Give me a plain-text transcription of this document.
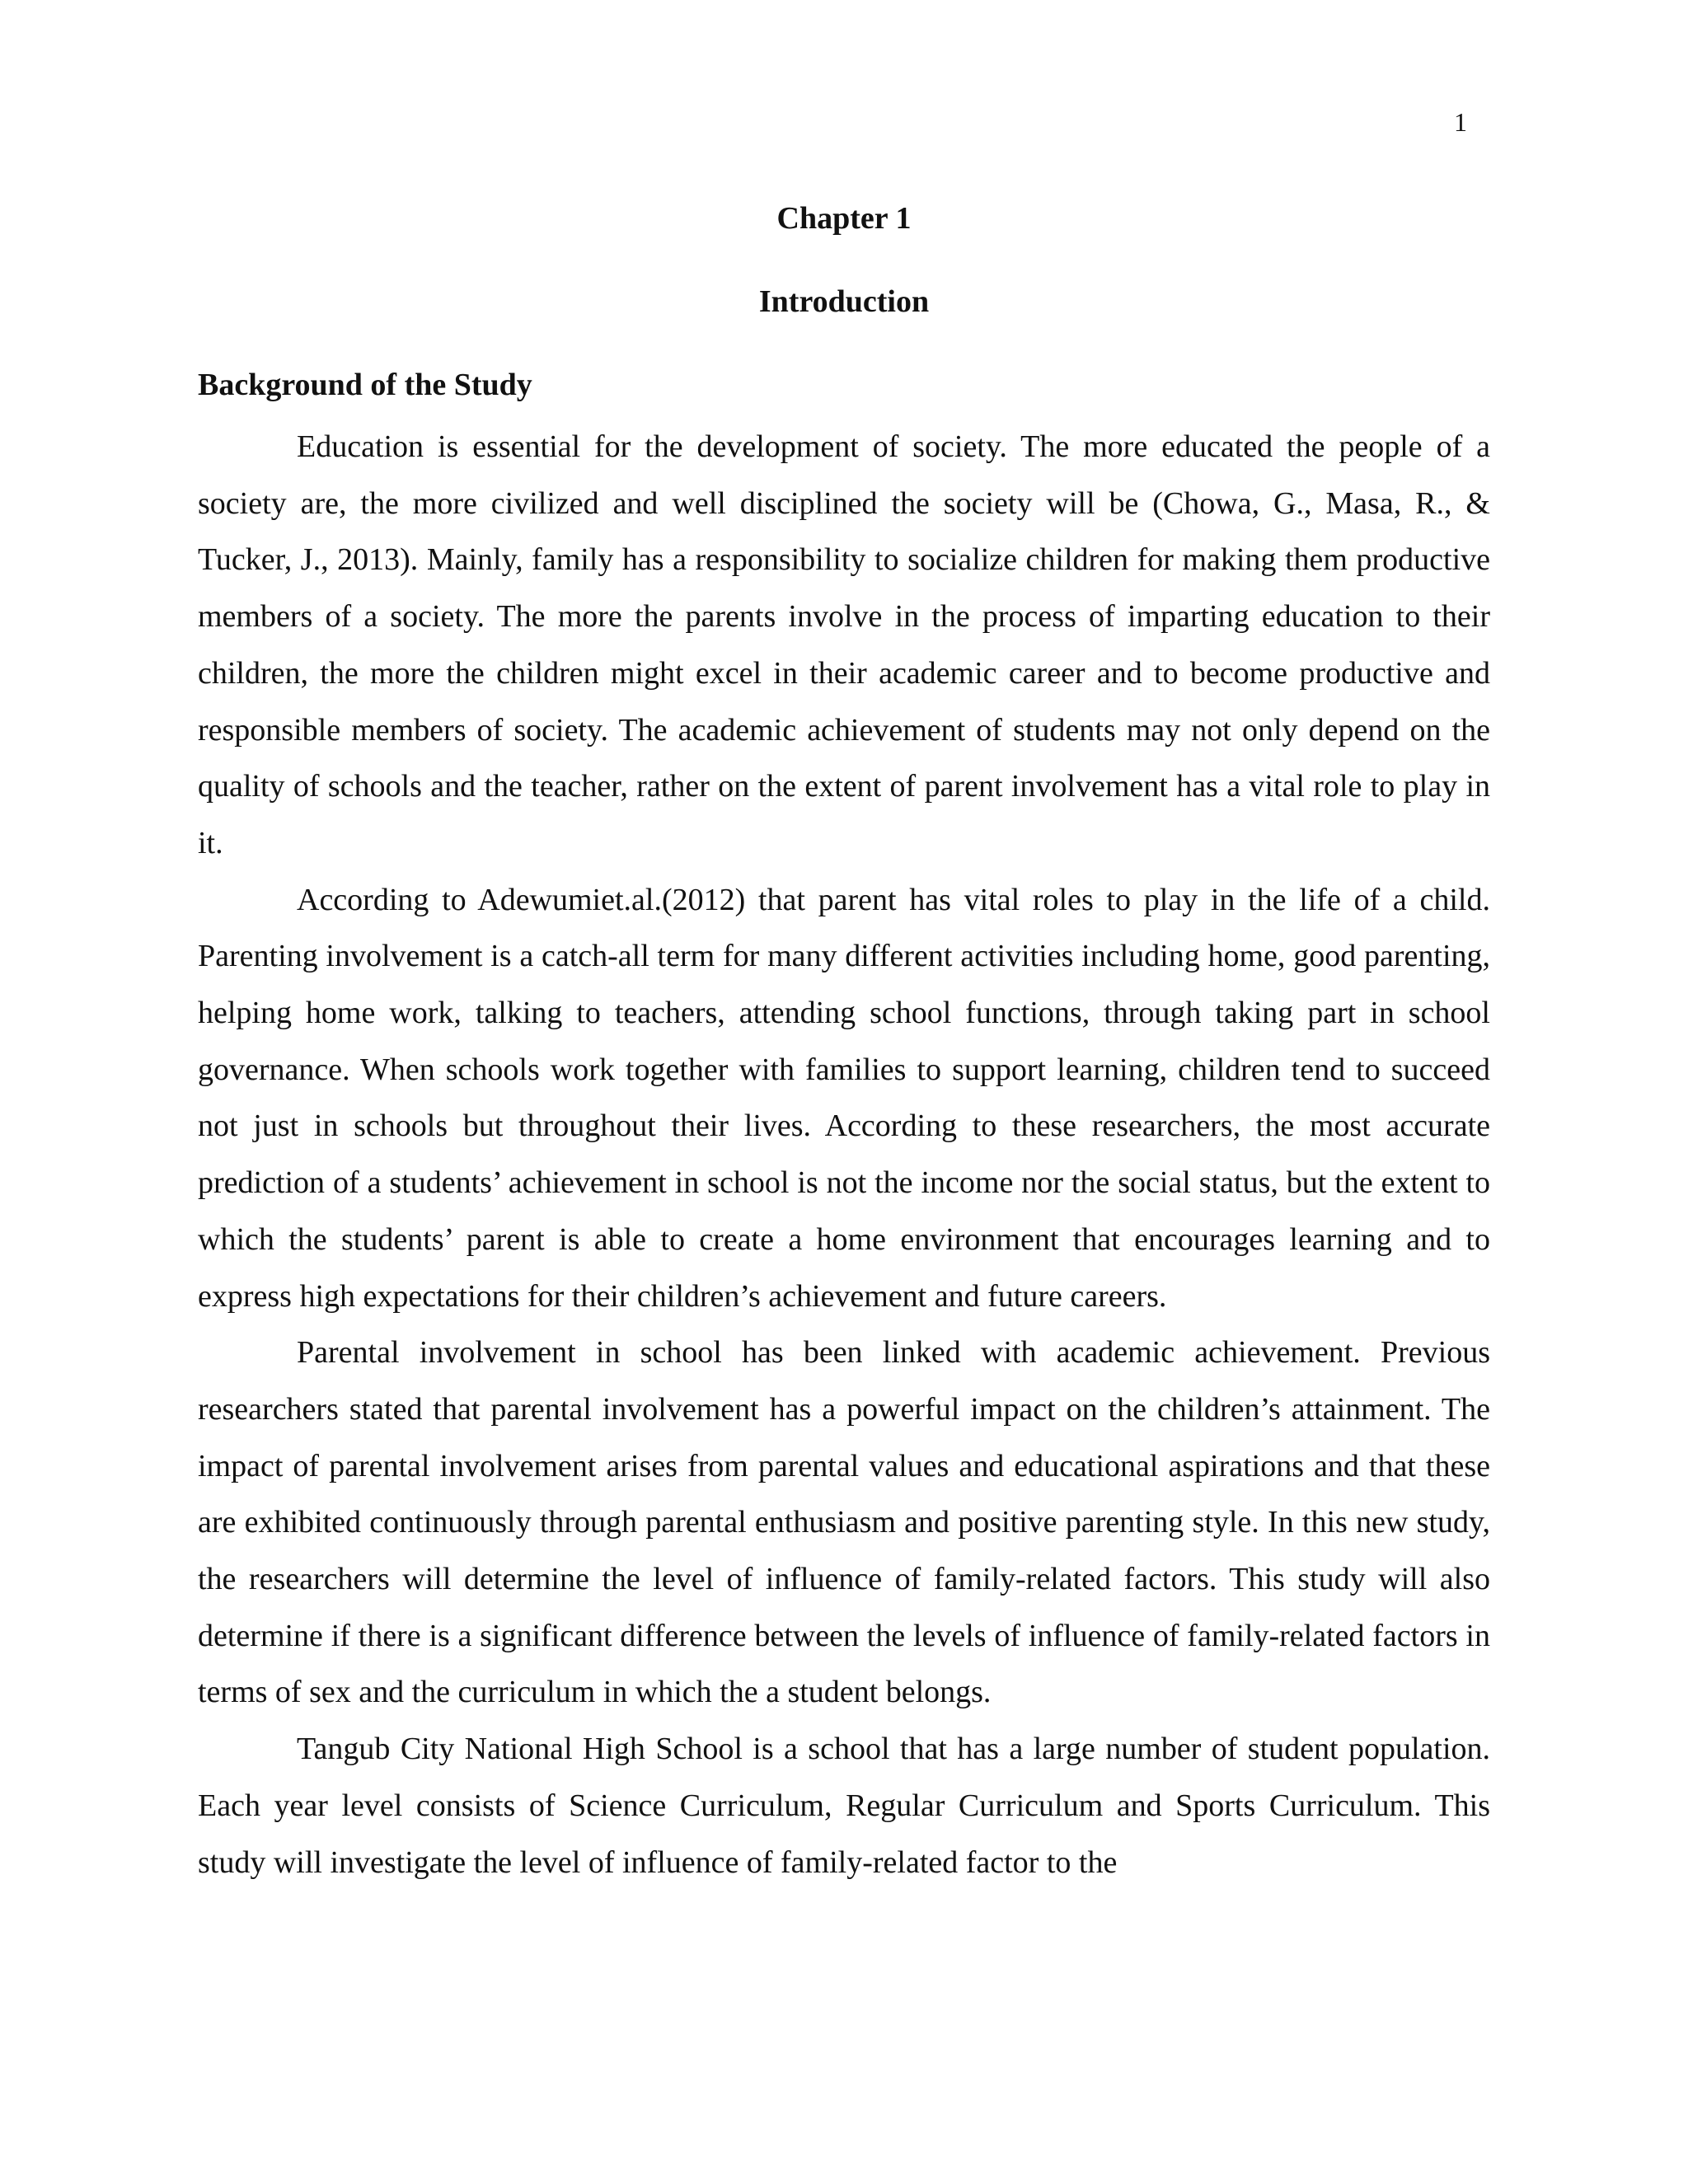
1
Chapter 1
Introduction
Background of the Study

Education is essential for the development of society. The more educated the people of a society are, the more civilized and well disciplined the society will be (Chowa, G., Masa, R., & Tucker, J., 2013). Mainly, family has a responsibility to socialize children for making them productive members of a society. The more the parents involve in the process of imparting education to their children, the more the children might excel in their academic career and to become productive and responsible members of society. The academic achievement of students may not only depend on the quality of schools and the teacher, rather on the extent of parent involvement has a vital role to play in it.

According to Adewumiet.al.(2012) that parent has vital roles to play in the life of a child. Parenting involvement is a catch-all term for many different activities including home, good parenting, helping home work, talking to teachers, attending school functions, through taking part in school governance. When schools work together with families to support learning, children tend to succeed not just in schools but throughout their lives. According to these researchers, the most accurate prediction of a students’ achievement in school is not the income nor the social status, but the extent to which the students’ parent is able to create a home environment that encourages learning and to express high expectations for their children’s achievement and future careers.

Parental involvement in school has been linked with academic achievement. Previous researchers stated that parental involvement has a powerful impact on the children’s attainment. The impact of parental involvement arises from parental values and educational aspirations and that these are exhibited continuously through parental enthusiasm and positive parenting style. In this new study, the researchers will determine the level of influence of family-related factors. This study will also determine if there is a significant difference between the levels of influence of family-related factors in terms of sex and the curriculum in which the a student belongs.

Tangub City National High School is a school that has a large number of student population. Each year level consists of Science Curriculum, Regular Curriculum and Sports Curriculum. This study will investigate the level of influence of family-related factor to the
